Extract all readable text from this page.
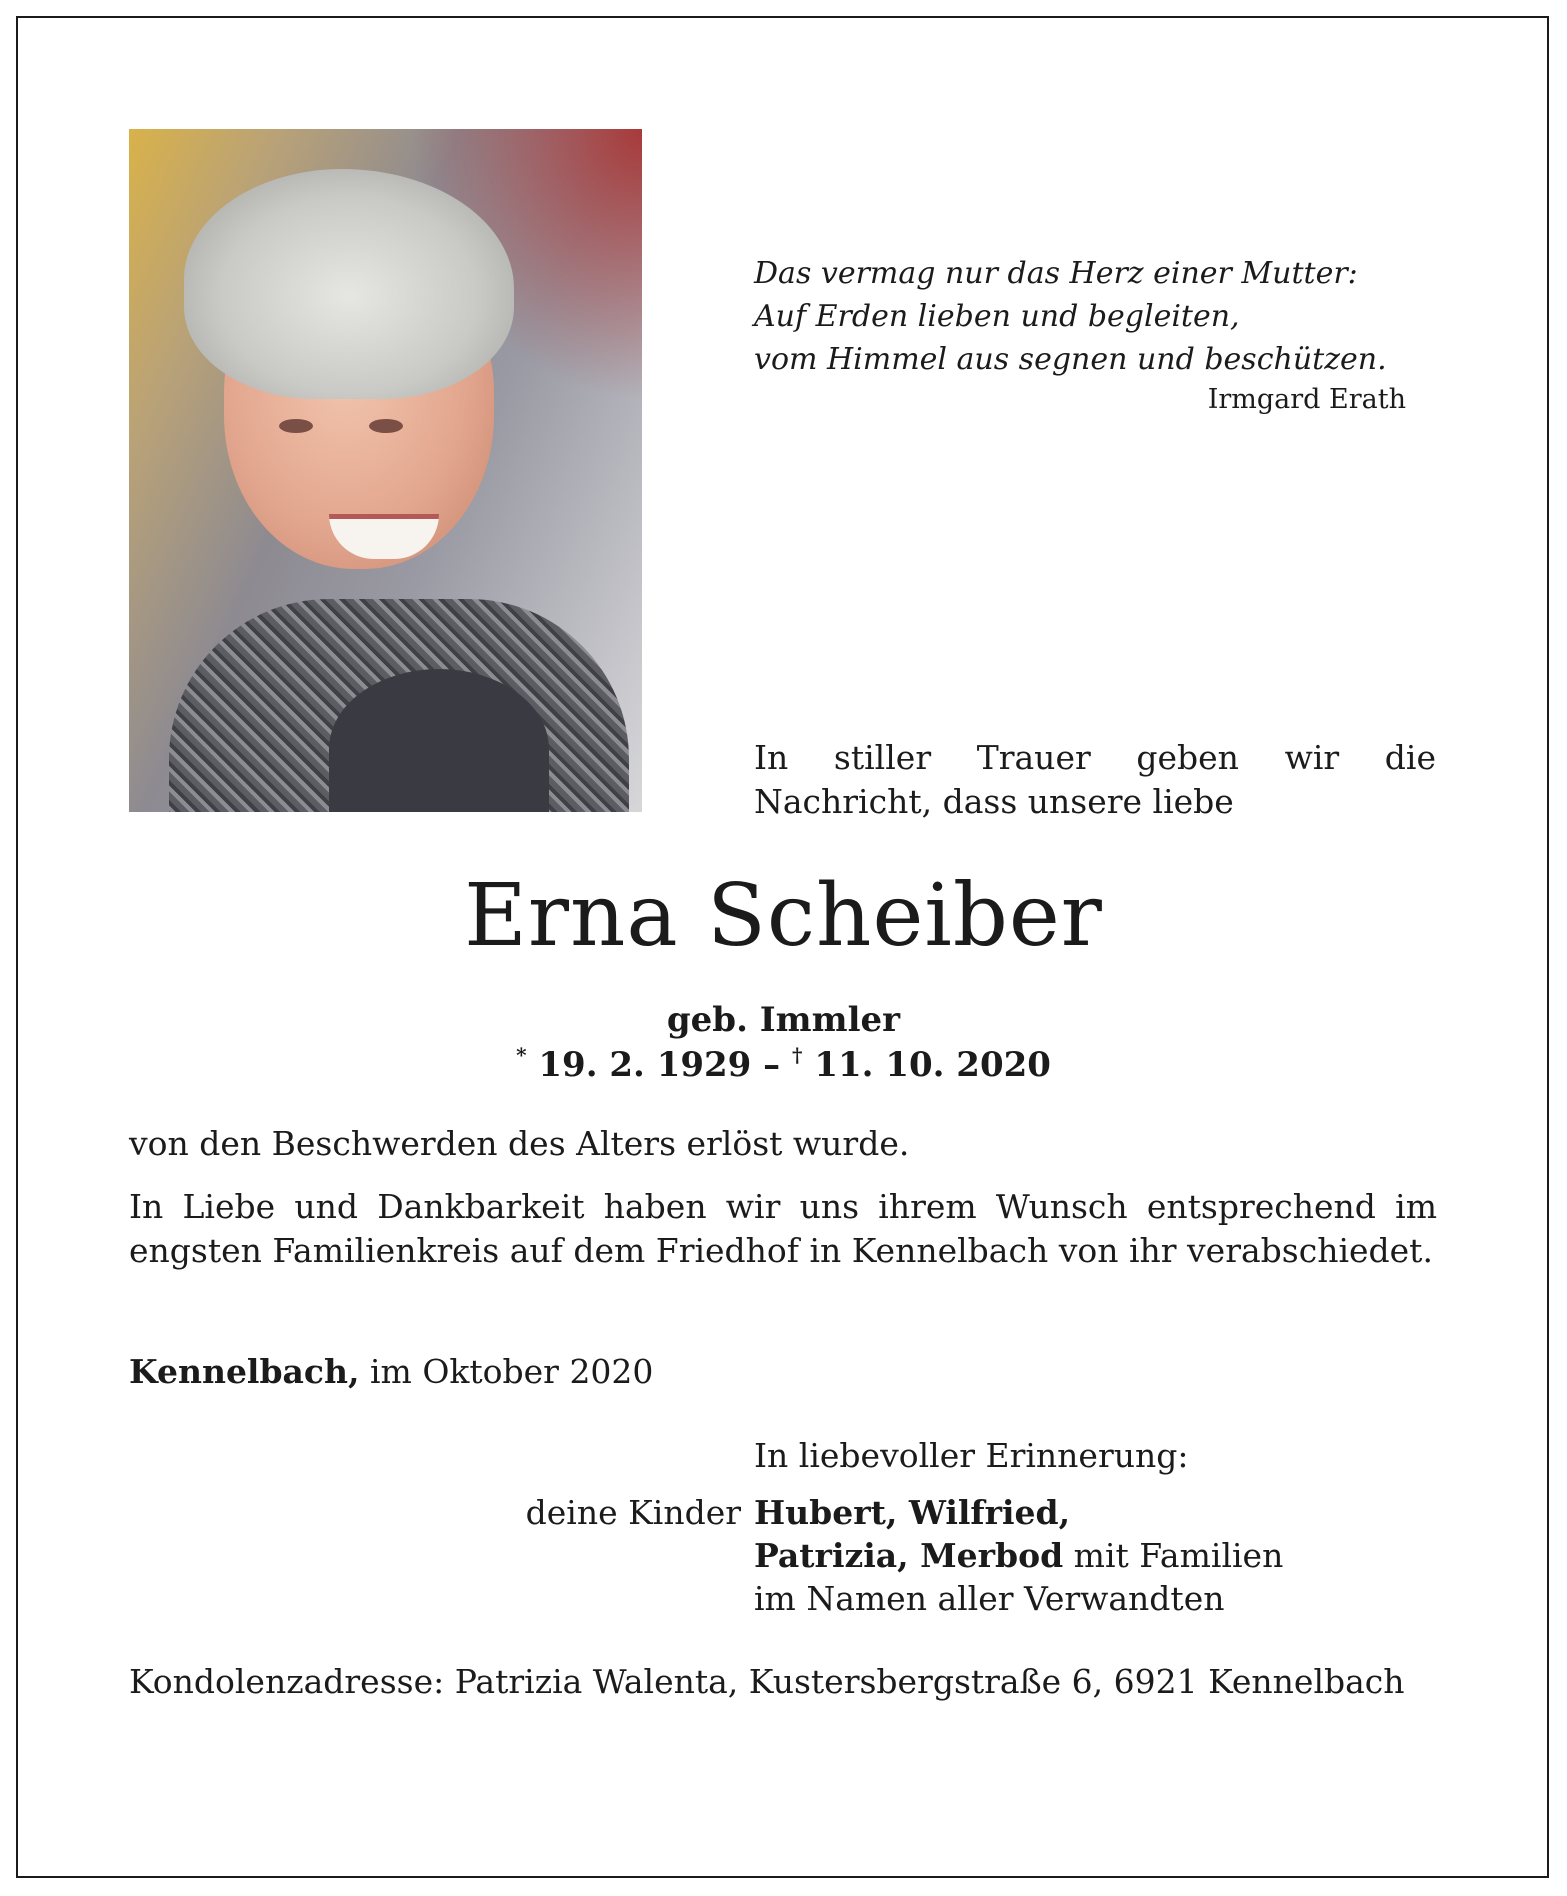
Das vermag nur das Herz einer Mutter:
Auf Erden lieben und begleiten,
vom Himmel aus segnen und beschützen.
Irmgard Erath
In stiller Trauer geben wir die Nachricht, dass unsere liebe
Erna Scheiber
geb. Immler
* 19. 2. 1929 – † 11. 10. 2020
von den Beschwerden des Alters erlöst wurde.
In Liebe und Dankbarkeit haben wir uns ihrem Wunsch entsprechend im engsten Familienkreis auf dem Friedhof in Kennelbach von ihr verabschiedet.
Kennelbach, im Oktober 2020
In liebevoller Erinnerung:
deine Kinder Hubert, Wilfried,
Patrizia, Merbod mit Familien
im Namen aller Verwandten
Kondolenzadresse: Patrizia Walenta, Kustersbergstraße 6, 6921 Kennelbach
